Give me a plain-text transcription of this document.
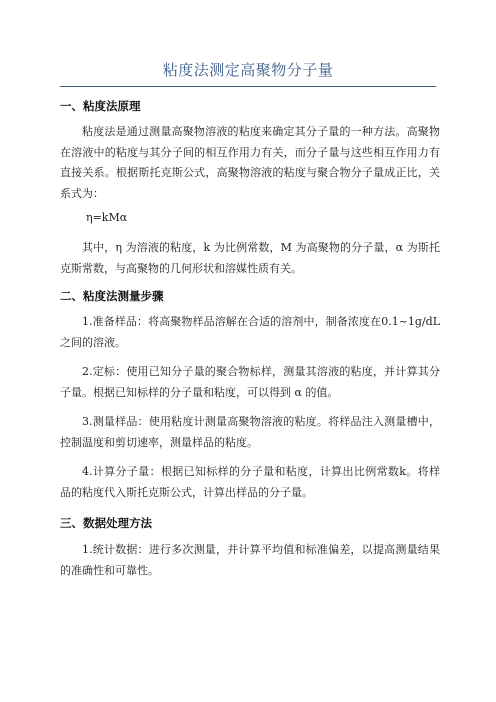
粘度法测定高聚物分子量
一、粘度法原理
粘度法是通过测量高聚物溶液的粘度来确定其分子量的一种方法。高聚物在溶液中的粘度与其分子间的相互作用力有关，而分子量与这些相互作用力有直接关系。根据斯托克斯公式，高聚物溶液的粘度与聚合物分子量成正比，关系式为：
η=kMα
其中，η 为溶液的粘度，k 为比例常数，M 为高聚物的分子量，α 为斯托克斯常数，与高聚物的几何形状和溶媒性质有关。
二、粘度法测量步骤
1.准备样品：将高聚物样品溶解在合适的溶剂中，制备浓度在0.1~1g/dL之间的溶液。
2.定标：使用已知分子量的聚合物标样，测量其溶液的粘度，并计算其分子量。根据已知标样的分子量和粘度，可以得到 α 的值。
3.测量样品：使用粘度计测量高聚物溶液的粘度。将样品注入测量槽中，控制温度和剪切速率，测量样品的粘度。
4.计算分子量：根据已知标样的分子量和粘度，计算出比例常数k。将样品的粘度代入斯托克斯公式，计算出样品的分子量。
三、数据处理方法
1.统计数据：进行多次测量，并计算平均值和标准偏差，以提高测量结果的准确性和可靠性。
